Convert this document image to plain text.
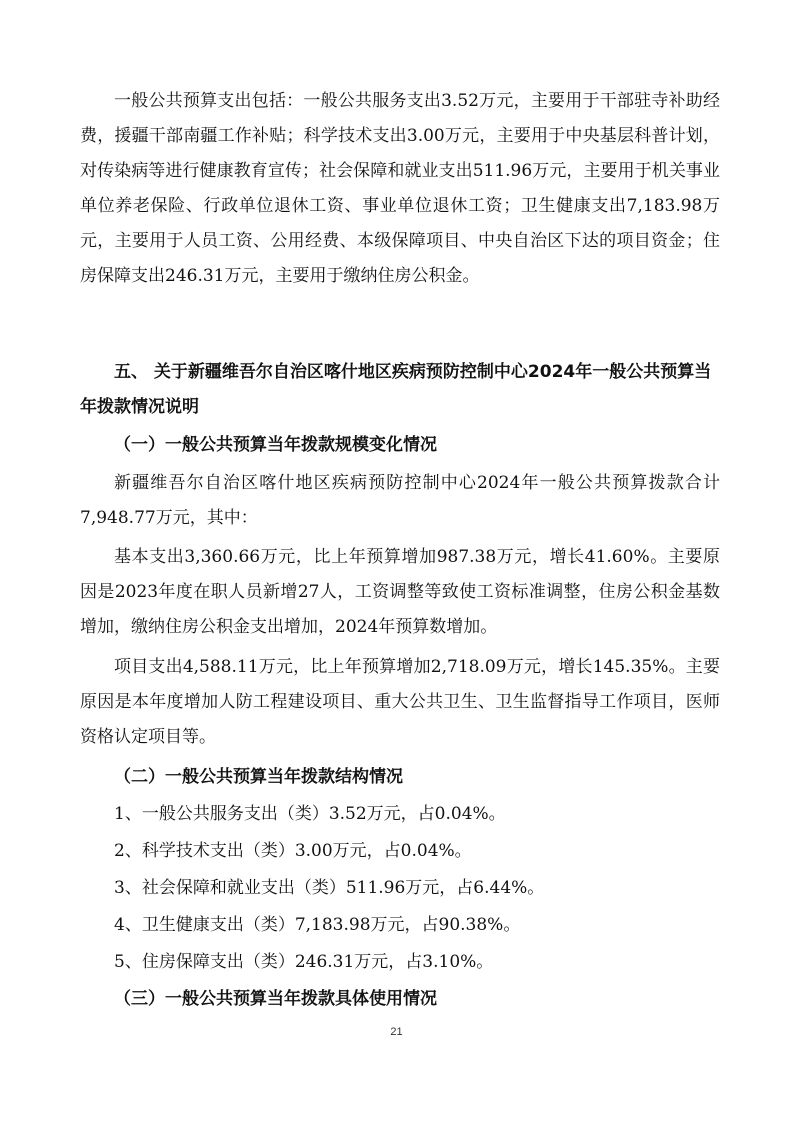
一般公共预算支出包括：一般公共服务支出3.52万元，主要用于干部驻寺补助经费，援疆干部南疆工作补贴；科学技术支出3.00万元，主要用于中央基层科普计划，对传染病等进行健康教育宣传；社会保障和就业支出511.96万元，主要用于机关事业单位养老保险、行政单位退休工资、事业单位退休工资；卫生健康支出7,183.98万元，主要用于人员工资、公用经费、本级保障项目、中央自治区下达的项目资金；住房保障支出246.31万元，主要用于缴纳住房公积金。

五、 关于新疆维吾尔自治区喀什地区疾病预防控制中心2024年一般公共预算当年拨款情况说明

（一）一般公共预算当年拨款规模变化情况

新疆维吾尔自治区喀什地区疾病预防控制中心2024年一般公共预算拨款合计7,948.77万元，其中：

基本支出3,360.66万元，比上年预算增加987.38万元，增长41.60%。主要原因是2023年度在职人员新增27人，工资调整等致使工资标准调整，住房公积金基数增加，缴纳住房公积金支出增加，2024年预算数增加。

项目支出4,588.11万元，比上年预算增加2,718.09万元，增长145.35%。主要原因是本年度增加人防工程建设项目、重大公共卫生、卫生监督指导工作项目，医师资格认定项目等。

（二）一般公共预算当年拨款结构情况

1、一般公共服务支出（类）3.52万元，占0.04%。

2、科学技术支出（类）3.00万元，占0.04%。

3、社会保障和就业支出（类）511.96万元，占6.44%。

4、卫生健康支出（类）7,183.98万元，占90.38%。

5、住房保障支出（类）246.31万元，占3.10%。

（三）一般公共预算当年拨款具体使用情况

21
